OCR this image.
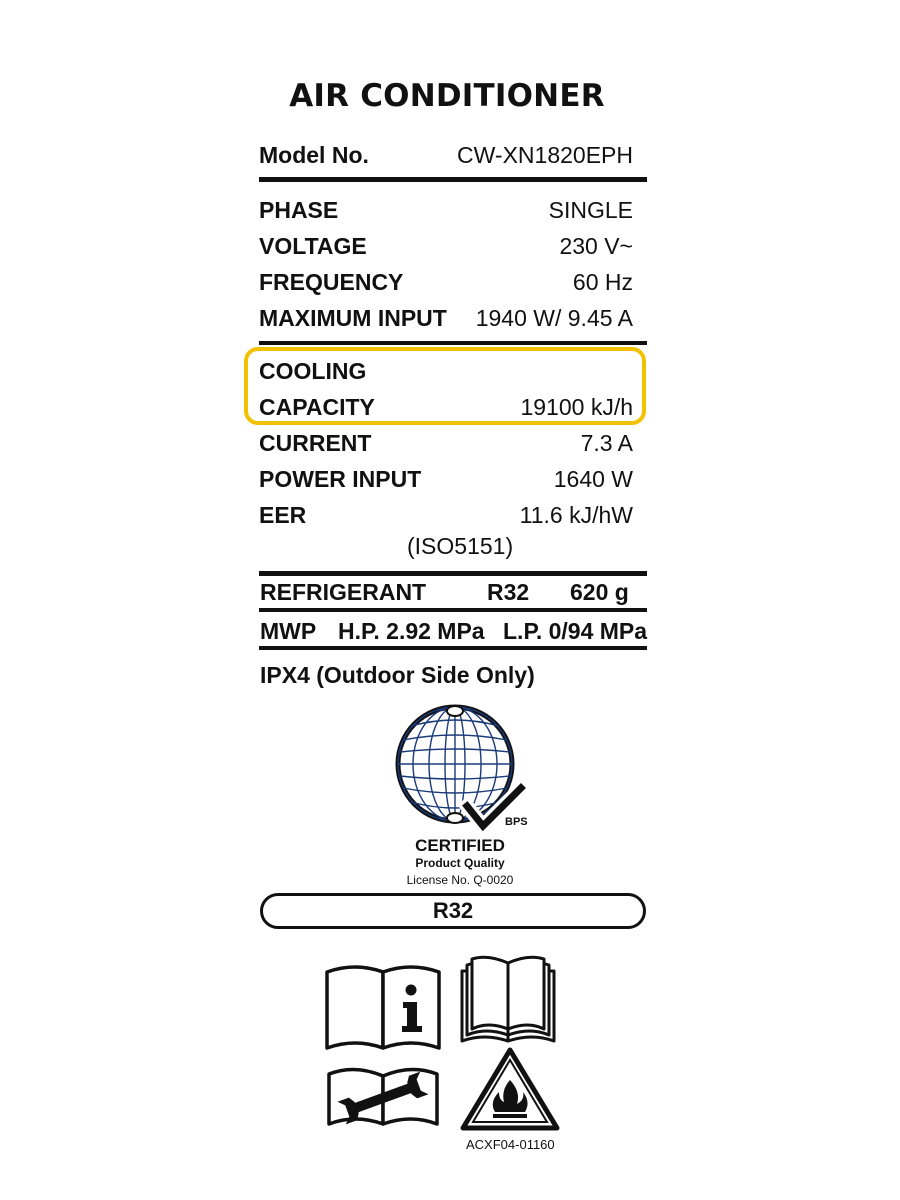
AIR CONDITIONER
Model No.	CW-XN1820EPH
PHASE	SINGLE
VOLTAGE	230 V~
FREQUENCY	60 Hz
MAXIMUM INPUT 1940 W/ 9.45 A
COOLING
CAPACITY	19100 kJ/h
CURRENT	7.3 A
POWER INPUT	1640 W
EER	11.6 kJ/hW
(ISO5151)
REFRIGERANT	R32 620 g
MWP H.P. 2.92 MPa L.P. 0/94 MPa
IPX4 (Outdoor Side Only)
BPS
CERTIFIED
Product Quality
License No. Q-0020
R32
ACXF04-01160
